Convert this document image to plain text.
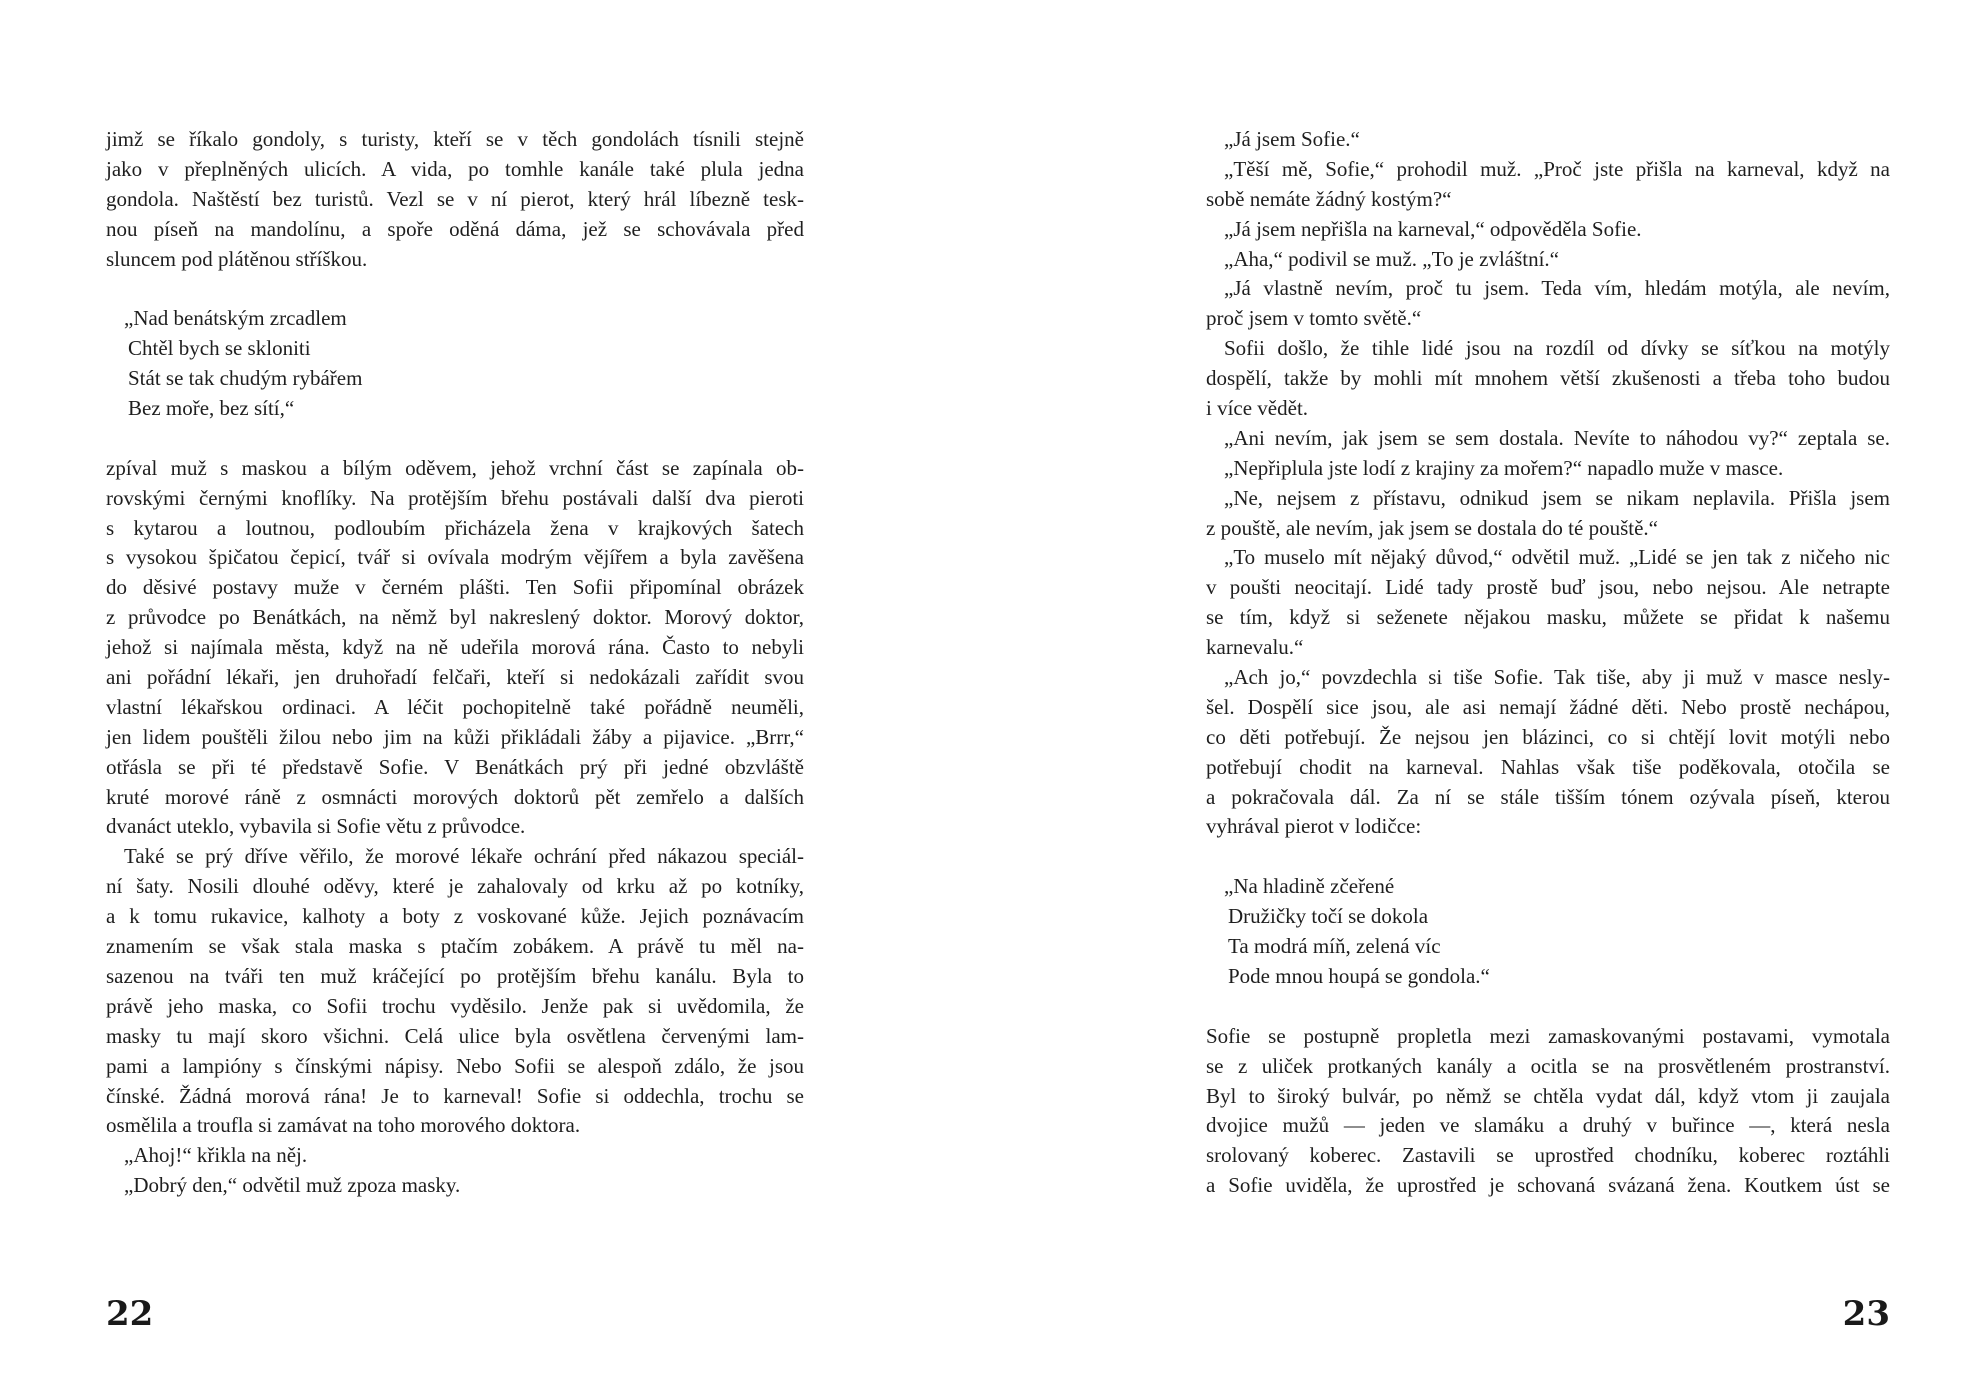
jimž se říkalo gondoly, s turisty, kteří se v těch gondolách tísnili stejně
jako v přeplněných ulicích. A vida, po tomhle kanále také plula jedna
gondola. Naštěstí bez turistů. Vezl se v ní pierot, který hrál líbezně tesk-
nou píseň na mandolínu, a spoře oděná dáma, jež se schovávala před
sluncem pod plátěnou stříškou.
„Nad benátským zrcadlem
Chtěl bych se skloniti
Stát se tak chudým rybářem
Bez moře, bez sítí,“
zpíval muž s maskou a bílým oděvem, jehož vrchní část se zapínala ob-
rovskými černými knoflíky. Na protějším břehu postávali další dva pieroti
s kytarou a loutnou, podloubím přicházela žena v krajkových šatech
s vysokou špičatou čepicí, tvář si ovívala modrým vějířem a byla zavěšena
do děsivé postavy muže v černém plášti. Ten Sofii připomínal obrázek
z průvodce po Benátkách, na němž byl nakreslený doktor. Morový doktor,
jehož si najímala města, když na ně udeřila morová rána. Často to nebyli
ani pořádní lékaři, jen druhořadí felčaři, kteří si nedokázali zařídit svou
vlastní lékařskou ordinaci. A léčit pochopitelně také pořádně neuměli,
jen lidem pouštěli žilou nebo jim na kůži přikládali žáby a pijavice. „Brrr,“
otřásla se při té představě Sofie. V Benátkách prý při jedné obzvláště
kruté morové ráně z osmnácti morových doktorů pět zemřelo a dalších
dvanáct uteklo, vybavila si Sofie větu z průvodce.
Také se prý dříve věřilo, že morové lékaře ochrání před nákazou speciál-
ní šaty. Nosili dlouhé oděvy, které je zahalovaly od krku až po kotníky,
a k tomu rukavice, kalhoty a boty z voskované kůže. Jejich poznávacím
znamením se však stala maska s ptačím zobákem. A právě tu měl na-
sazenou na tváři ten muž kráčející po protějším břehu kanálu. Byla to
právě jeho maska, co Sofii trochu vyděsilo. Jenže pak si uvědomila, že
masky tu mají skoro všichni. Celá ulice byla osvětlena červenými lam-
pami a lampióny s čínskými nápisy. Nebo Sofii se alespoň zdálo, že jsou
čínské. Žádná morová rána! Je to karneval! Sofie si oddechla, trochu se
osmělila a troufla si zamávat na toho morového doktora.
„Ahoj!“ křikla na něj.
„Dobrý den,“ odvětil muž zpoza masky.
22
„Já jsem Sofie.“
„Těší mě, Sofie,“ prohodil muž. „Proč jste přišla na karneval, když na
sobě nemáte žádný kostým?“
„Já jsem nepřišla na karneval,“ odpověděla Sofie.
„Aha,“ podivil se muž. „To je zvláštní.“
„Já vlastně nevím, proč tu jsem. Teda vím, hledám motýla, ale nevím,
proč jsem v tomto světě.“
Sofii došlo, že tihle lidé jsou na rozdíl od dívky se síťkou na motýly
dospělí, takže by mohli mít mnohem větší zkušenosti a třeba toho budou
i více vědět.
„Ani nevím, jak jsem se sem dostala. Nevíte to náhodou vy?“ zeptala se.
„Nepřiplula jste lodí z krajiny za mořem?“ napadlo muže v masce.
„Ne, nejsem z přístavu, odnikud jsem se nikam neplavila. Přišla jsem
z pouště, ale nevím, jak jsem se dostala do té pouště.“
„To muselo mít nějaký důvod,“ odvětil muž. „Lidé se jen tak z ničeho nic
v poušti neocitají. Lidé tady prostě buď jsou, nebo nejsou. Ale netrapte
se tím, když si seženete nějakou masku, můžete se přidat k našemu
karnevalu.“
„Ach jo,“ povzdechla si tiše Sofie. Tak tiše, aby ji muž v masce nesly-
šel. Dospělí sice jsou, ale asi nemají žádné děti. Nebo prostě nechápou,
co děti potřebují. Že nejsou jen blázinci, co si chtějí lovit motýli nebo
potřebují chodit na karneval. Nahlas však tiše poděkovala, otočila se
a pokračovala dál. Za ní se stále tišším tónem ozývala píseň, kterou
vyhrával pierot v lodičce:
„Na hladině zčeřené
Družičky točí se dokola
Ta modrá míň, zelená víc
Pode mnou houpá se gondola.“
Sofie se postupně propletla mezi zamaskovanými postavami, vymotala
se z uliček protkaných kanály a ocitla se na prosvětleném prostranství.
Byl to široký bulvár, po němž se chtěla vydat dál, když vtom ji zaujala
dvojice mužů — jeden ve slamáku a druhý v buřince —, která nesla
srolovaný koberec. Zastavili se uprostřed chodníku, koberec roztáhli
a Sofie uviděla, že uprostřed je schovaná svázaná žena. Koutkem úst se
23
